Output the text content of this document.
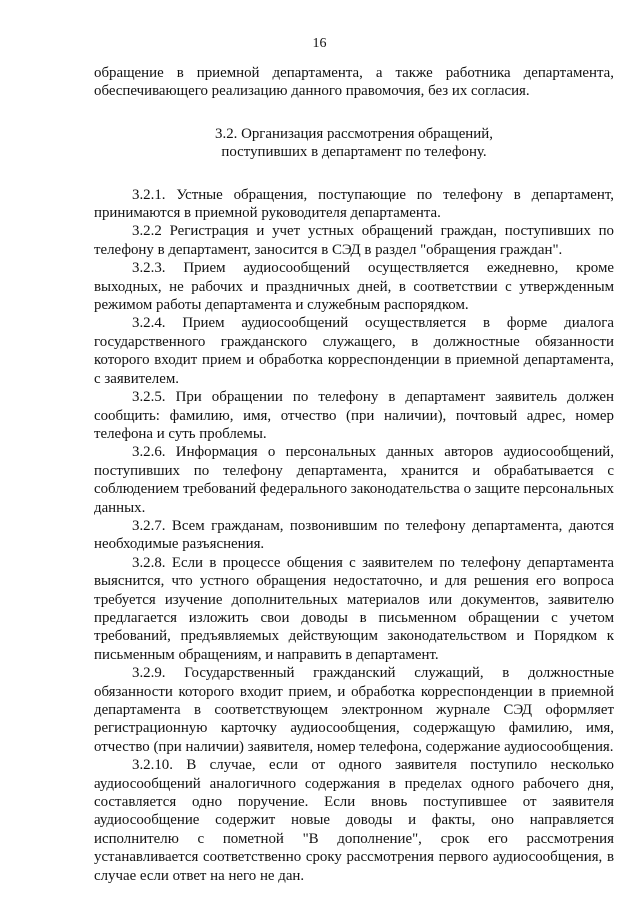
16

обращение в приемной департамента, а также работника департамента, обеспечивающего реализацию данного правомочия, без их согласия.

3.2. Организация рассмотрения обращений,
поступивших в департамент по телефону.

3.2.1. Устные обращения, поступающие по телефону в департамент, принимаются в приемной руководителя департамента.

3.2.2 Регистрация и учет устных обращений граждан, поступивших по телефону в департамент, заносится в СЭД в раздел "обращения граждан".

3.2.3. Прием аудиосообщений осуществляется ежедневно, кроме выходных, не рабочих и праздничных дней, в соответствии с утвержденным режимом работы департамента и служебным распорядком.

3.2.4. Прием аудиосообщений осуществляется в форме диалога государственного гражданского служащего, в должностные обязанности которого входит прием и обработка корреспонденции в приемной департамента, с заявителем.

3.2.5. При обращении по телефону в департамент заявитель должен сообщить: фамилию, имя, отчество (при наличии), почтовый адрес, номер телефона и суть проблемы.

3.2.6. Информация о персональных данных авторов аудиосообщений, поступивших по телефону департамента, хранится и обрабатывается с соблюдением требований федерального законодательства о защите персональных данных.

3.2.7. Всем гражданам, позвонившим по телефону департамента, даются необходимые разъяснения.

3.2.8. Если в процессе общения с заявителем по телефону департамента выяснится, что устного обращения недостаточно, и для решения его вопроса требуется изучение дополнительных материалов или документов, заявителю предлагается изложить свои доводы в письменном обращении с учетом требований, предъявляемых действующим законодательством и Порядком к письменным обращениям, и направить в департамент.

3.2.9. Государственный гражданский служащий, в должностные обязанности которого входит прием, и обработка корреспонденции в приемной департамента в соответствующем электронном журнале СЭД оформляет регистрационную карточку аудиосообщения, содержащую фамилию, имя, отчество (при наличии) заявителя, номер телефона, содержание аудиосообщения.

3.2.10. В случае, если от одного заявителя поступило несколько аудиосообщений аналогичного содержания в пределах одного рабочего дня, составляется одно поручение. Если вновь поступившее от заявителя аудиосообщение содержит новые доводы и факты, оно направляется исполнителю с пометной "В дополнение", срок его рассмотрения устанавливается соответственно сроку рассмотрения первого аудиосообщения, в случае если ответ на него не дан.
